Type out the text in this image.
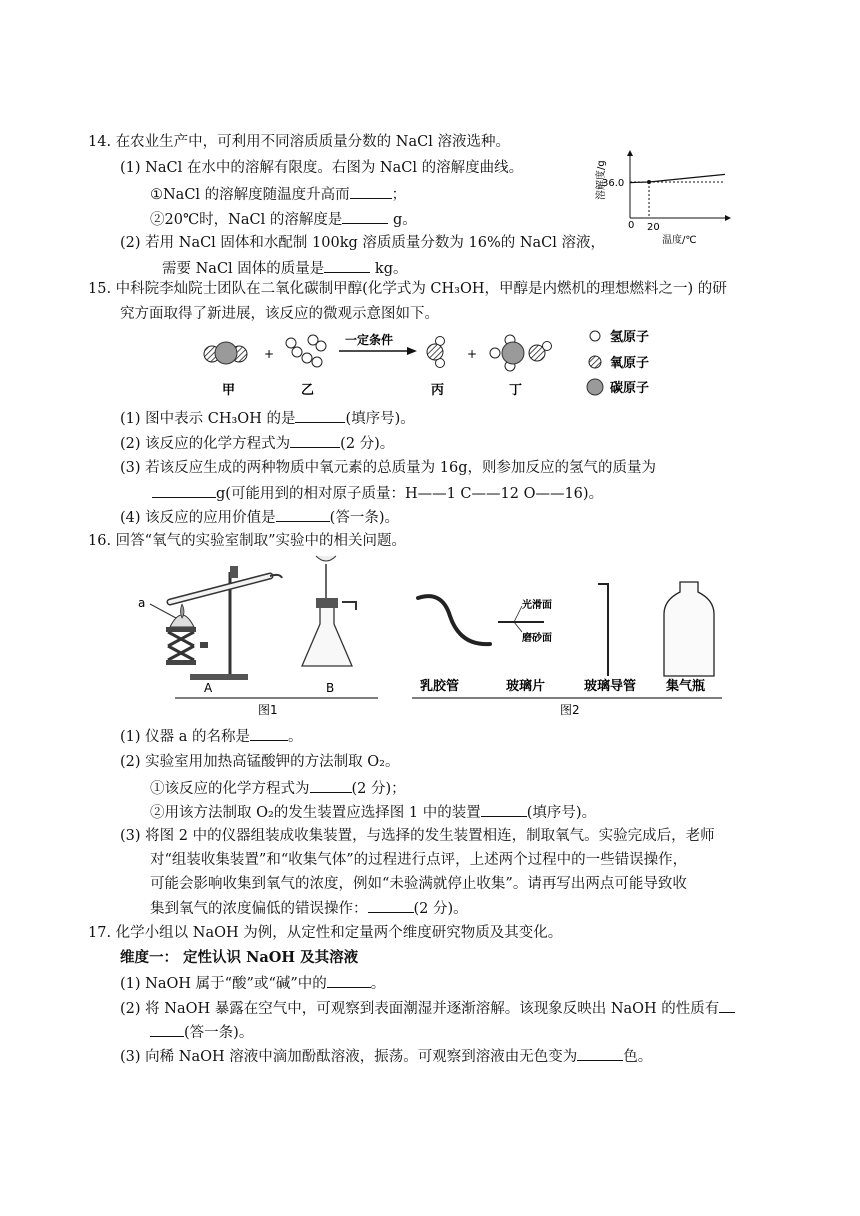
14. 在农业生产中，可利用不同溶质质量分数的 NaCl 溶液选种。
(1) NaCl 在水中的溶解有限度。右图为 NaCl 的溶解度曲线。
①NaCl 的溶解度随温度升高而	；
②20℃时，NaCl 的溶解度是	g。
(2) 若用 NaCl 固体和水配制 100kg 溶质质量分数为 16%的 NaCl 溶液，
需要 NaCl 固体的质量是	kg。
溶解度/g
36.0
20
0
温度/℃
15. 中科院李灿院士团队在二氧化碳制甲醇(化学式为 CH₃OH，甲醇是内燃机的理想燃料之一) 的研
究方面取得了新进展，该反应的微观示意图如下。
+
一定条件
+
甲	乙	丙	丁
氢原子
氧原子
碳原子
(1) 图中表示 CH₃OH 的是	(填序号)。
(2) 该反应的化学方程式为	(2 分)。
(3) 若该反应生成的两种物质中氧元素的总质量为 16g，则参加反应的氢气的质量为
g(可能用到的相对原子质量：H——1 C——12 O——16)。
(4) 该反应的应用价值是	(答一条)。
16. 回答“氧气的实验室制取”实验中的相关问题。
a
A	B
图1
光滑面
磨砂面
乳胶管	玻璃片	玻璃导管 集气瓶
图2
(1) 仪器 a 的名称是	。
(2) 实验室用加热高锰酸钾的方法制取 O₂。
①该反应的化学方程式为	(2 分)；
②用该方法制取 O₂的发生装置应选择图 1 中的装置	(填序号)。
(3) 将图 2 中的仪器组装成收集装置，与选择的发生装置相连，制取氧气。实验完成后，老师
对“组装收集装置”和“收集气体”的过程进行点评，上述两个过程中的一些错误操作，
可能会影响收集到氧气的浓度，例如“未验满就停止收集”。请再写出两点可能导致收
集到氧气的浓度偏低的错误操作：	(2 分)。
17. 化学小组以 NaOH 为例，从定性和定量两个维度研究物质及其变化。
维度一： 定性认识 NaOH 及其溶液
(1) NaOH 属于“酸”或“碱”中的	。
(2) 将 NaOH 暴露在空气中，可观察到表面潮湿并逐渐溶解。该现象反映出 NaOH 的性质有
(答一条)。
(3) 向稀 NaOH 溶液中滴加酚酞溶液，振荡。可观察到溶液由无色变为	色。
